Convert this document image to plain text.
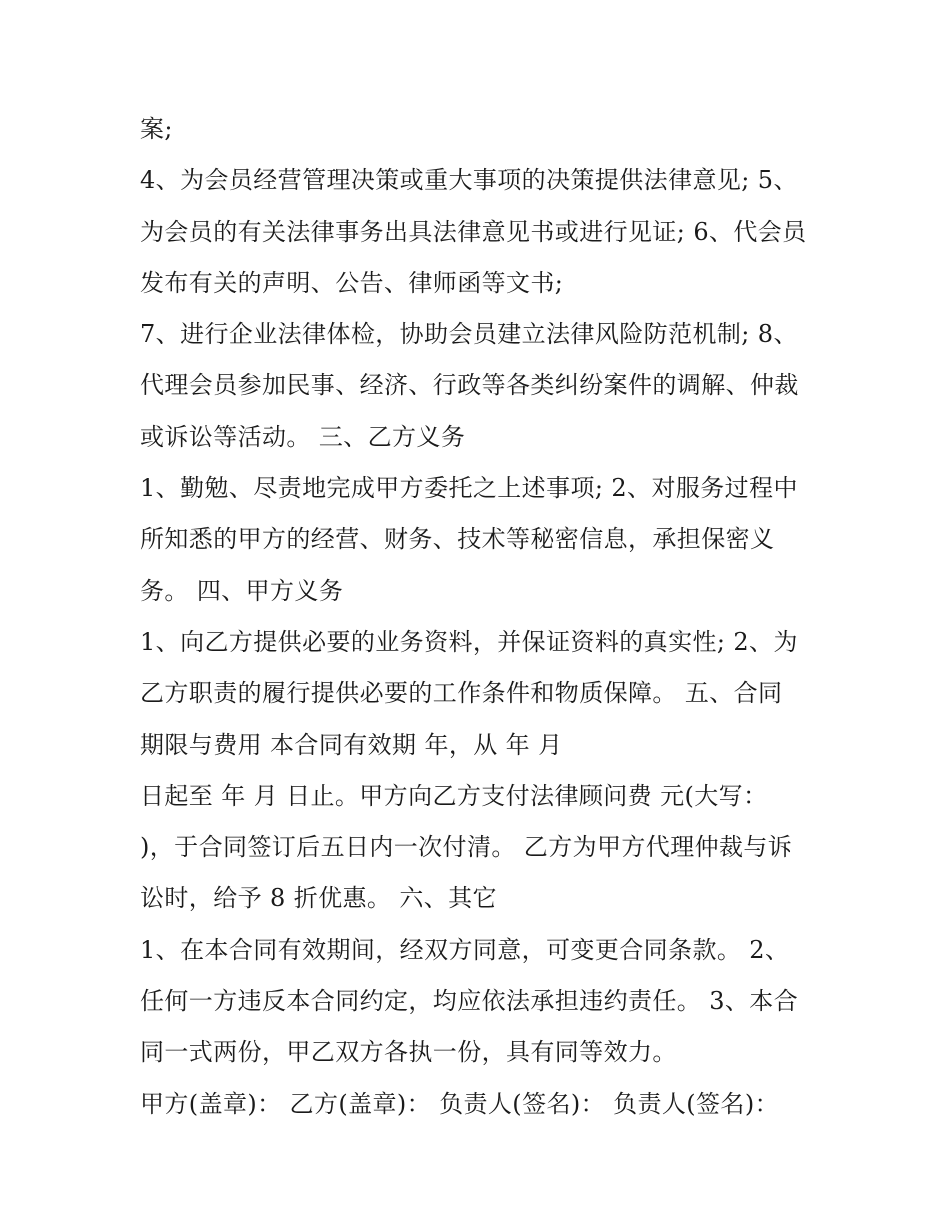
案;
4、为会员经营管理决策或重大事项的决策提供法律意见; 5、
为会员的有关法律事务出具法律意见书或进行见证; 6、代会员
发布有关的声明、公告、律师函等文书;
7、进行企业法律体检，协助会员建立法律风险防范机制; 8、
代理会员参加民事、经济、行政等各类纠纷案件的调解、仲裁
或诉讼等活动。 三、乙方义务
1、勤勉、尽责地完成甲方委托之上述事项; 2、对服务过程中
所知悉的甲方的经营、财务、技术等秘密信息，承担保密义
务。 四、甲方义务
1、向乙方提供必要的业务资料，并保证资料的真实性; 2、为
乙方职责的履行提供必要的工作条件和物质保障。 五、合同
期限与费用 本合同有效期 年，从 年 月
日起至 年 月 日止。甲方向乙方支付法律顾问费 元(大写：
)，于合同签订后五日内一次付清。 乙方为甲方代理仲裁与诉
讼时，给予 8 折优惠。 六、其它
1、在本合同有效期间，经双方同意，可变更合同条款。 2、
任何一方违反本合同约定，均应依法承担违约责任。 3、本合
同一式两份，甲乙双方各执一份，具有同等效力。
甲方(盖章)： 乙方(盖章)： 负责人(签名)： 负责人(签名)：
